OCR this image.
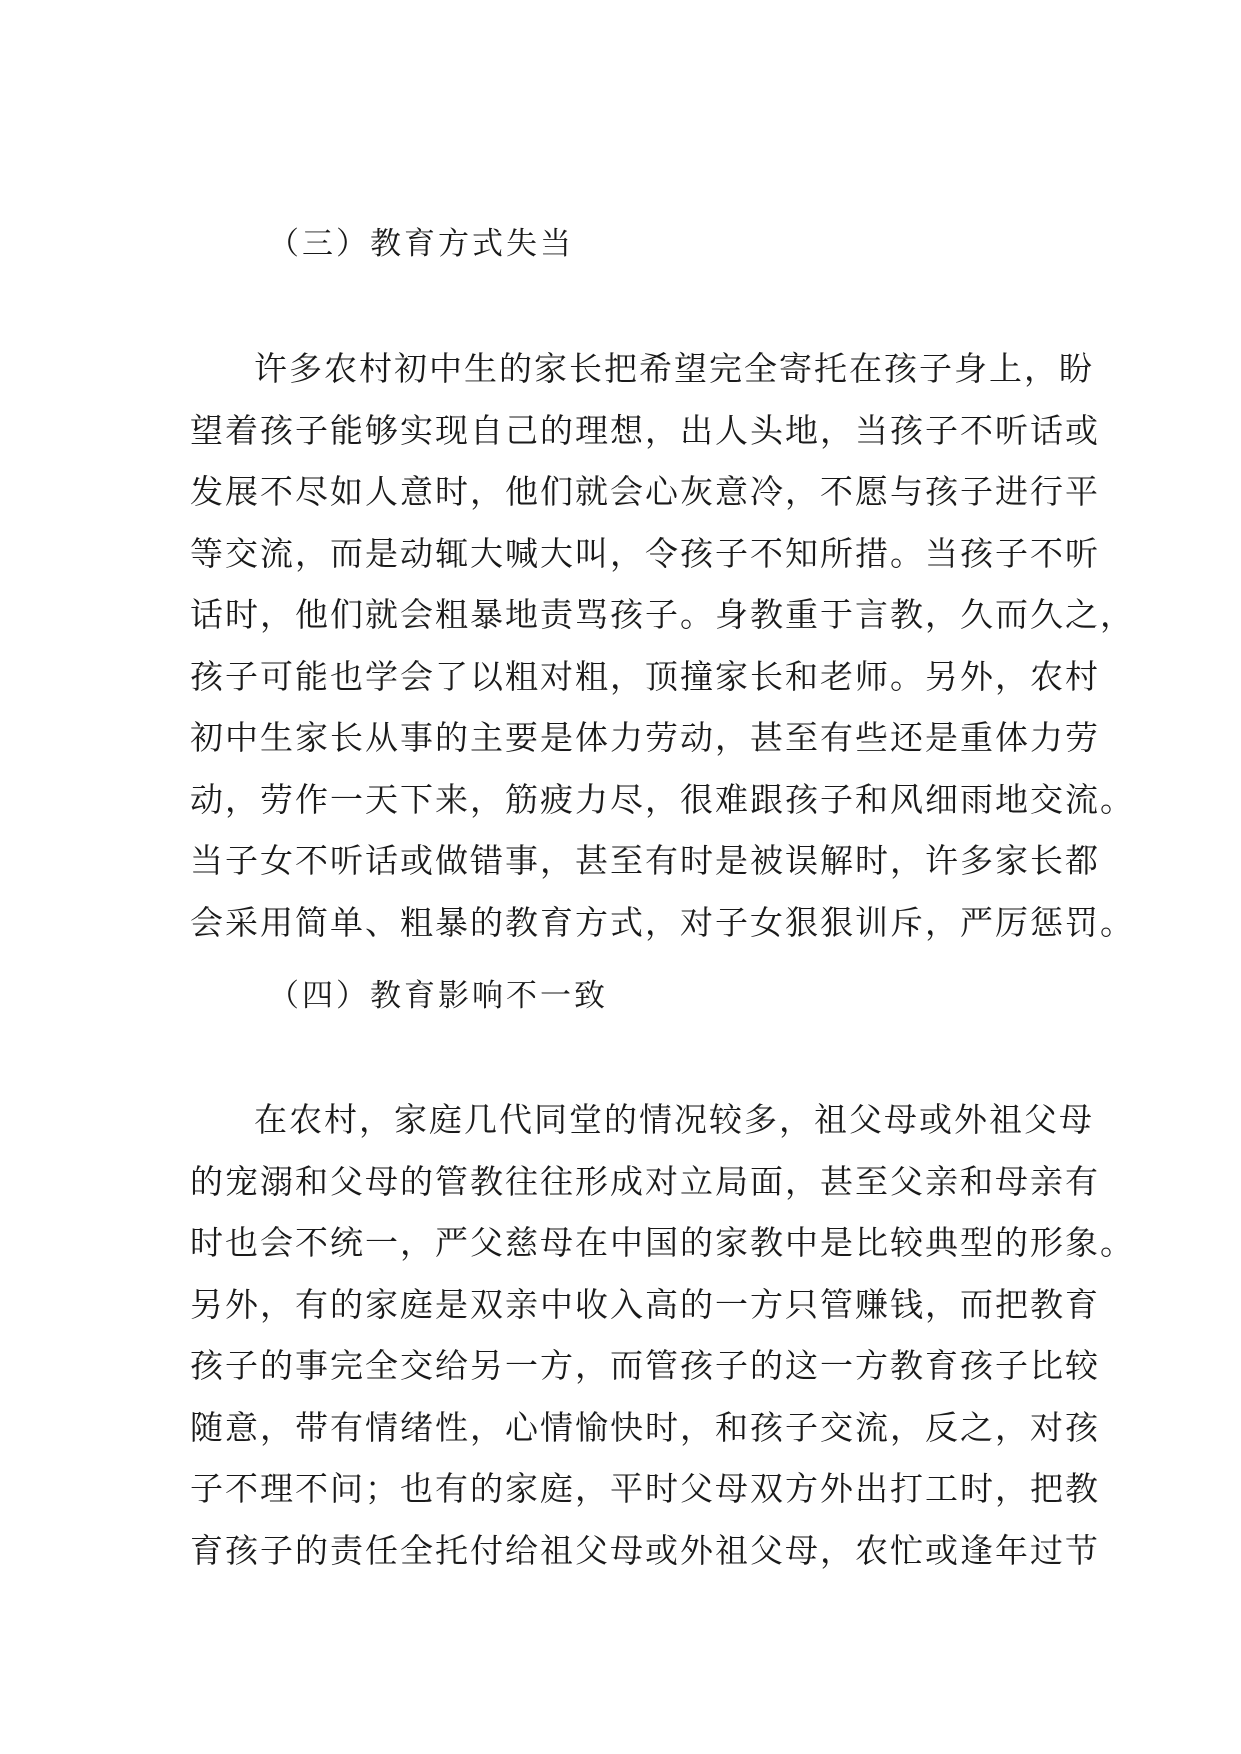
（三）教育方式失当
许多农村初中生的家长把希望完全寄托在孩子身上，盼
望着孩子能够实现自己的理想，出人头地，当孩子不听话或
发展不尽如人意时，他们就会心灰意冷，不愿与孩子进行平
等交流，而是动辄大喊大叫，令孩子不知所措。当孩子不听
话时，他们就会粗暴地责骂孩子。身教重于言教，久而久之，
孩子可能也学会了以粗对粗，顶撞家长和老师。另外，农村
初中生家长从事的主要是体力劳动，甚至有些还是重体力劳
动，劳作一天下来，筋疲力尽，很难跟孩子和风细雨地交流。
当子女不听话或做错事，甚至有时是被误解时，许多家长都
会采用简单、粗暴的教育方式，对子女狠狠训斥，严厉惩罚。
（四）教育影响不一致
在农村，家庭几代同堂的情况较多，祖父母或外祖父母
的宠溺和父母的管教往往形成对立局面，甚至父亲和母亲有
时也会不统一，严父慈母在中国的家教中是比较典型的形象。
另外，有的家庭是双亲中收入高的一方只管赚钱，而把教育
孩子的事完全交给另一方，而管孩子的这一方教育孩子比较
随意，带有情绪性，心情愉快时，和孩子交流，反之，对孩
子不理不问；也有的家庭，平时父母双方外出打工时，把教
育孩子的责任全托付给祖父母或外祖父母，农忙或逢年过节
